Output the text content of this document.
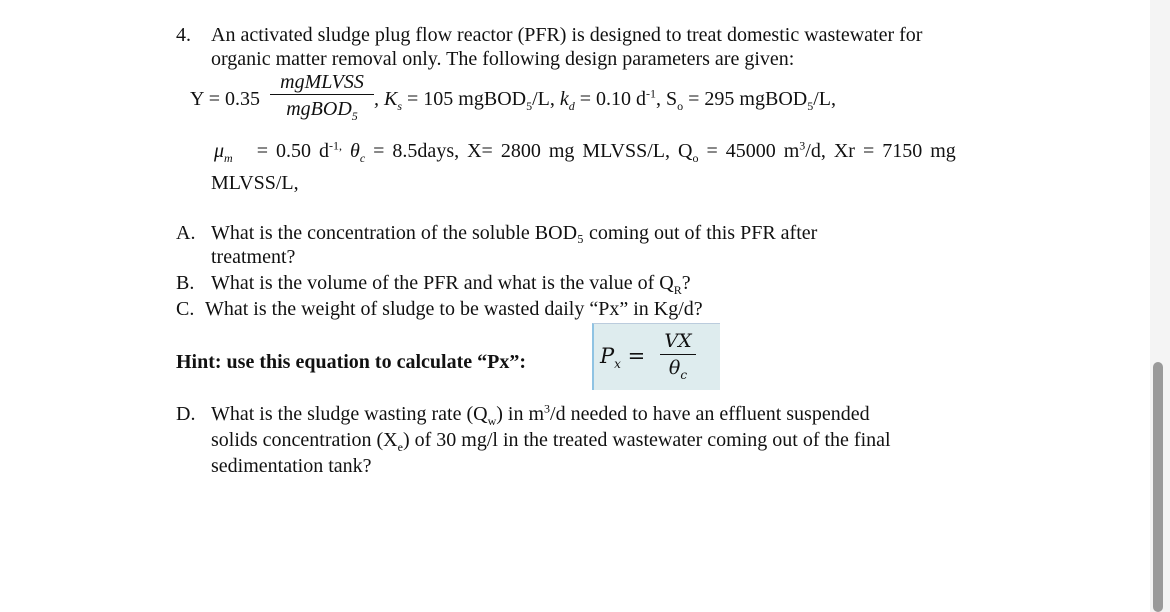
4. An activated sludge plug flow reactor (PFR) is designed to treat domestic wastewater for
organic matter removal only. The following design parameters are given:
Y = 0.35
mgMLVSS
mgBOD$_5$
, $K_s = 105$ mgBOD$_5$/L, $k_d = 0.10$ $d^{-1}$, $S_o = 295$ mgBOD$_5$/L,
$\mu_m = 0.50$ $d^{-1,}$ $\theta_c$ = 8.5days, X= 2800 mg MLVSS/L, $Q_o = 45000$ $m^3/d$, Xr = 7150 mg
MLVSS/L,
A. What is the concentration of the soluble BOD₅ coming out of this PFR after
treatment?
B. What is the volume of the PFR and what is the value of $Q_R$?
C. What is the weight of sludge to be wasted daily “Px” in Kg/d?
Hint: use this equation to calculate “Px”:	$P_x$ =
VX
$\theta_c$
D. What is the sludge wasting rate $(Q_w)$ in $m^3/d$ needed to have an effluent suspended
solids concentration $(X_e)$ of 30 mg/l in the treated wastewater coming out of the final
sedimentation tank?
